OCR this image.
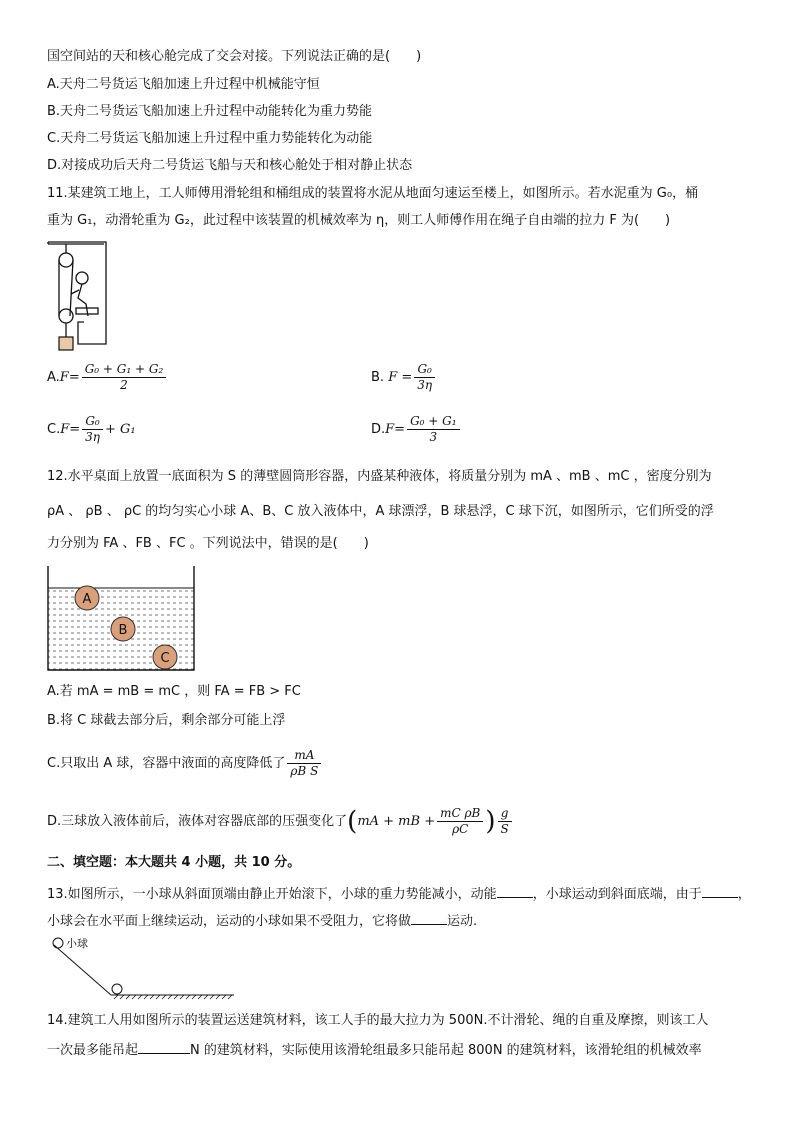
国空间站的天和核心舱完成了交会对接。下列说法正确的是(　　)
A.天舟二号货运飞船加速上升过程中机械能守恒
B.天舟二号货运飞船加速上升过程中动能转化为重力势能
C.天舟二号货运飞船加速上升过程中重力势能转化为动能
D.对接成功后天舟二号货运飞船与天和核心舱处于相对静止状态
11.某建筑工地上，工人师傅用滑轮组和桶组成的装置将水泥从地面匀速运至楼上，如图所示。若水泥重为 G₀，桶
重为 G₁，动滑轮重为 G₂，此过程中该装置的机械效率为 η，则工人师傅作用在绳子自由端的拉力 F 为(　　)
$A.F= \frac{\text{G₀ + G₁ + G₂}}{2}$	B. $F = \frac{\text{G₀}}{3\eta}$
$C.F= \frac{\text{G₀}}{3\eta} + G_1$	$D.F= \frac{\text{G₀ + G₁}}{3}$
12.水平桌面上放置一底面积为 S 的薄壁圆筒形容器，内盛某种液体，将质量分别为 mA 、mB 、mC ，密度分别为
ρA 、 ρB 、 ρC 的均匀实心小球 A、B、C 放入液体中，A 球漂浮，B 球悬浮，C 球下沉，如图所示，它们所受的浮
力分别为 FA 、FB 、FC 。下列说法中，错误的是(　　)
A
B
C
A.若 mA = mB = mC ，则 FA = FB > FC
B.将 C 球截去部分后，剩余部分可能上浮
C.只取出 A 球，容器中液面的高度降低了 $\frac{mA}{\text{ρB S}}$
D.三球放入液体前后，液体对容器底部的压强变化了(mA + mB + $\frac{\text{mC ρB}}{\rho C}$ ) $\frac{g}{S}$
二、填空题：本大题共 4 小题，共 10 分。
13.如图所示，一小球从斜面顶端由静止开始滚下，小球的重力势能减小，动能	，小球运动到斜面底端，由于	，
小球会在水平面上继续运动，运动的小球如果不受阻力，它将做	运动.
小球
14.建筑工人用如图所示的装置运送建筑材料，该工人手的最大拉力为 500N.不计滑轮、绳的自重及摩擦，则该工人
一次最多能吊起	N 的建筑材料，实际使用该滑轮组最多只能吊起 800N 的建筑材料，该滑轮组的机械效率
